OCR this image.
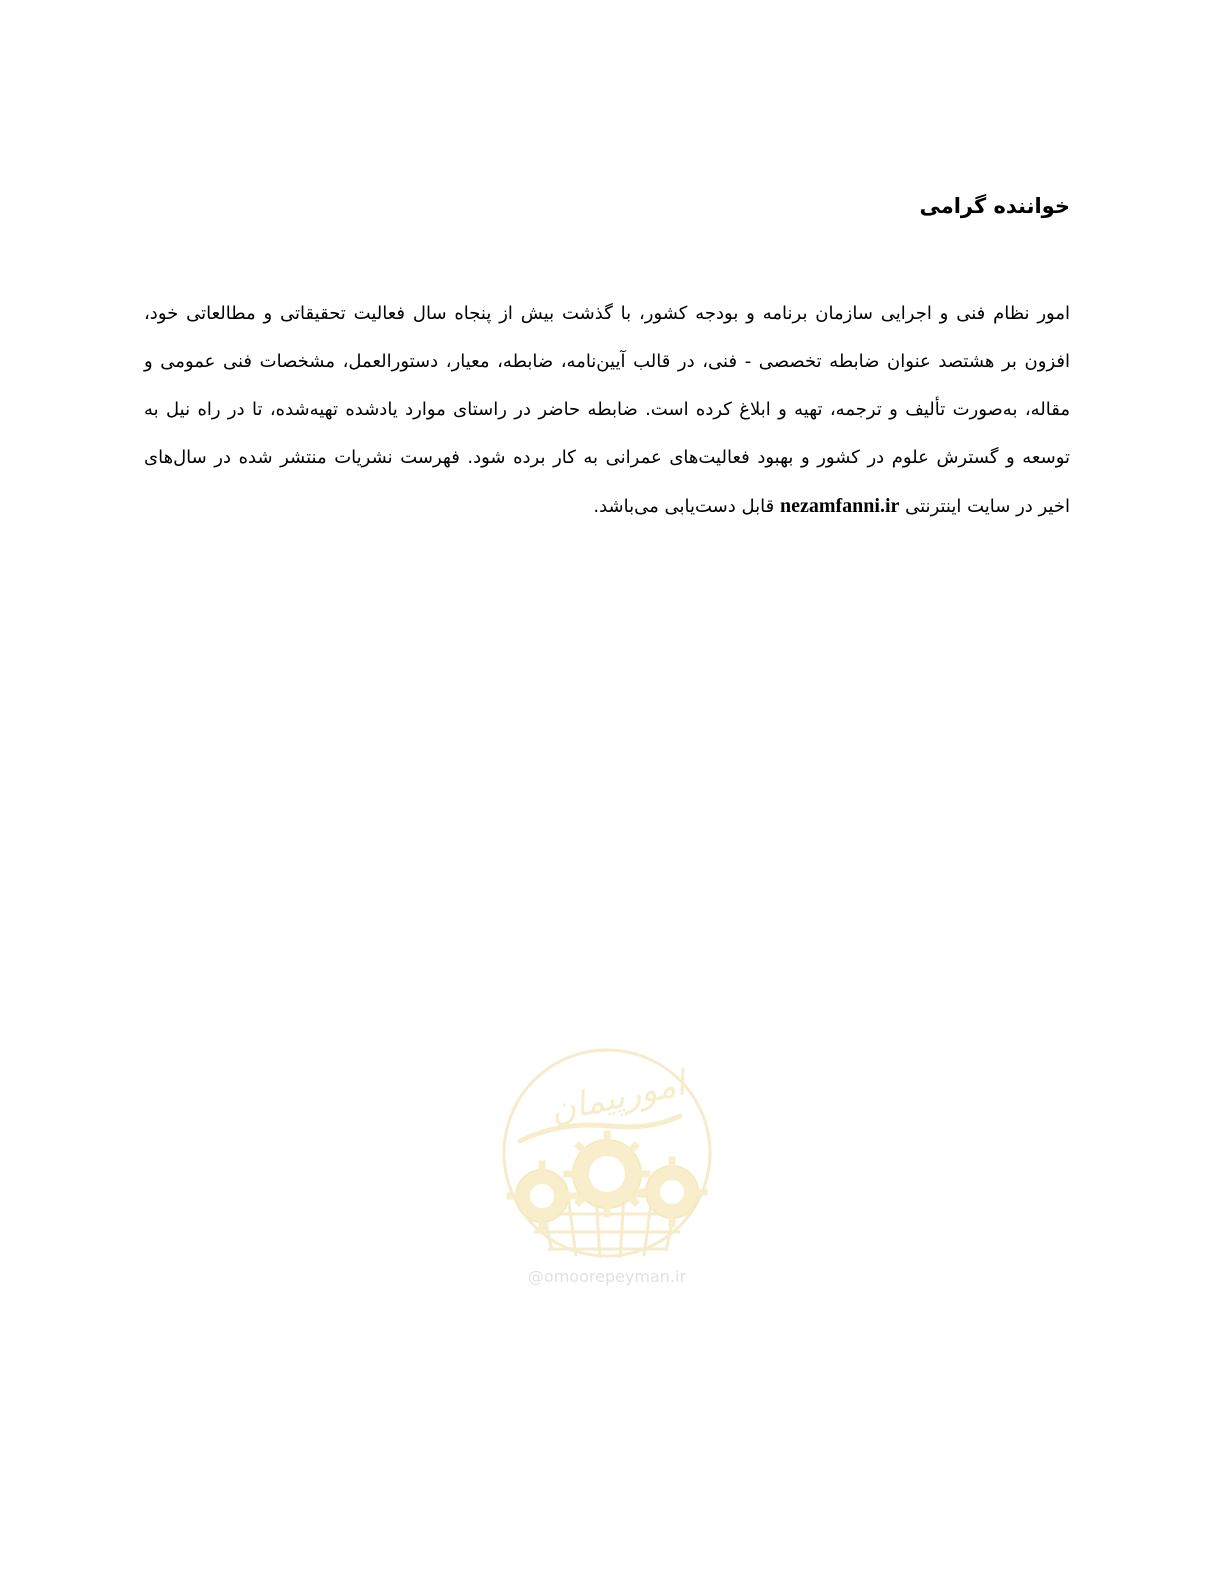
خواننده گرامی

امور نظام فنی و اجرایی سازمان برنامه و بودجه کشور، با گذشت بیش از پنجاه سال فعالیت تحقیقاتی و مطالعاتی خود، افزون بر هشتصد عنوان ضابطه تخصصی - فنی، در قالب آیین‌نامه، ضابطه، معیار، دستورالعمل، مشخصات فنی عمومی و مقاله، به‌صورت تألیف و ترجمه، تهیه و ابلاغ کرده است. ضابطه حاضر در راستای موارد یادشده تهیه‌شده، تا در راه نیل به توسعه و گسترش علوم در کشور و بهبود فعالیت‌های عمرانی به کار برده شود. فهرست نشریات منتشر شده در سال‌های اخیر در سایت اینترنتی nezamfanni.ir قابل دست‌یابی می‌باشد.

امورپیمان
@omoorepeyman.ir
